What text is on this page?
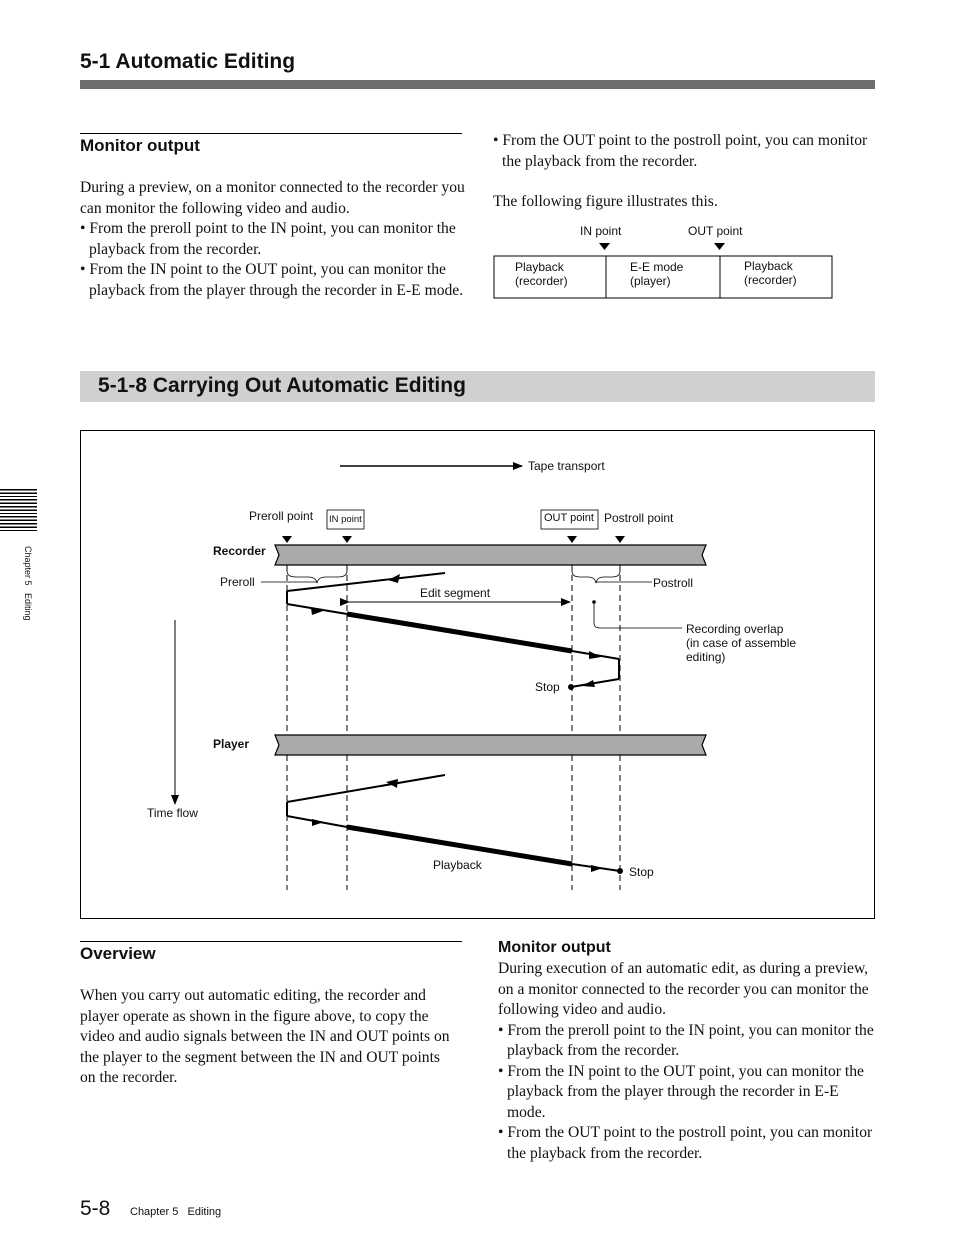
5-1 Automatic Editing
Monitor output
During a preview, on a monitor connected to the recorder you can monitor the following video and audio.
• From the preroll point to the IN point, you can monitor the playback from the recorder.
• From the IN point to the OUT point, you can monitor the playback from the player through the recorder in E-E mode.
• From the OUT point to the postroll point, you can monitor the playback from the recorder.
The following figure illustrates this.
IN point	OUT point
Playback
(recorder)
E-E mode
(player)
Playback
(recorder)
5-1-8 Carrying Out Automatic Editing
Tape transport
Preroll point IN point	OUT point Postroll point
Recorder
Preroll	Postroll
Edit segment
Recording overlap
(in case of assemble
editing)
Stop
Player
Time flow
Playback	Stop
Overview
When you carry out automatic editing, the recorder and player operate as shown in the figure above, to copy the video and audio signals between the IN and OUT points on the player to the segment between the IN and OUT points on the recorder.
Monitor output
During execution of an automatic edit, as during a preview, on a monitor connected to the recorder you can monitor the following video and audio.
• From the preroll point to the IN point, you can monitor the playback from the recorder.
• From the IN point to the OUT point, you can monitor the playback from the player through the recorder in E-E mode.
• From the OUT point to the postroll point, you can monitor the playback from the recorder.
Chapter 5   Editing
5-8 Chapter 5 Editing
